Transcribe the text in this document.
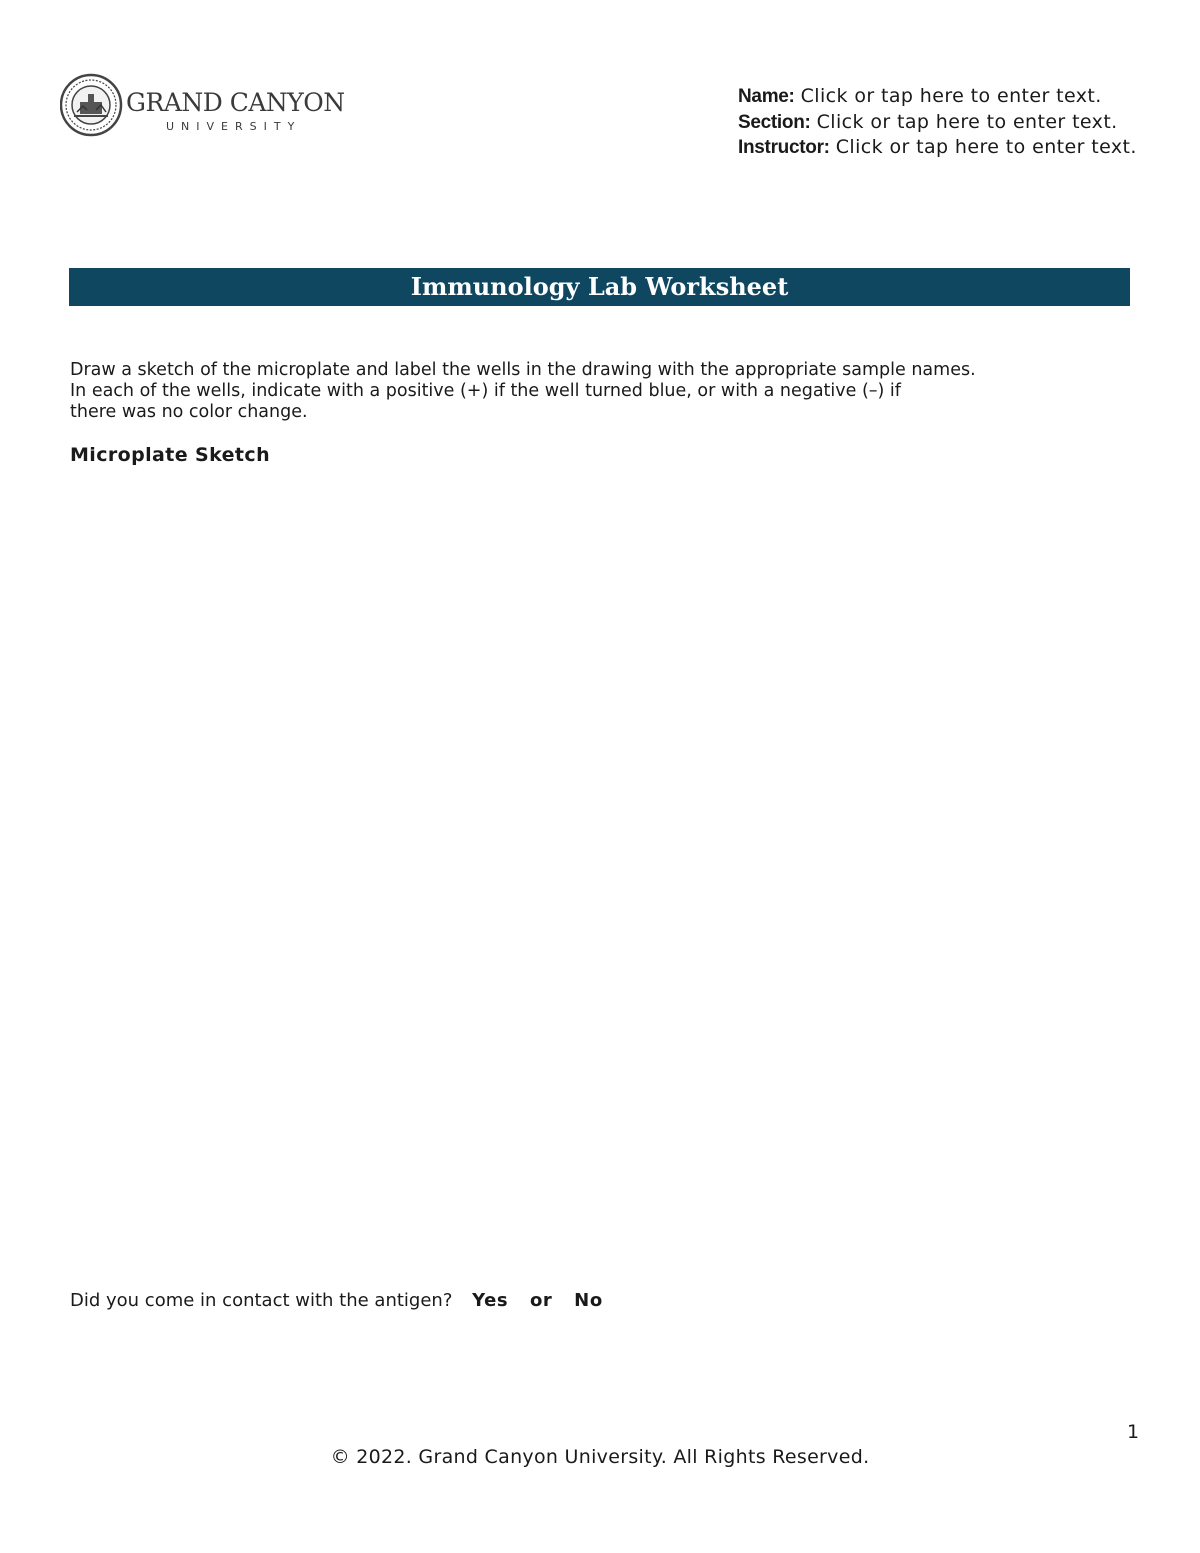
GRAND CANYON
UNIVERSITY

Name: Click or tap here to enter text.

Section: Click or tap here to enter text.

Instructor: Click or tap here to enter text.

Immunology Lab Worksheet

Draw a sketch of the microplate and label the wells in the drawing with the appropriate sample names.
In each of the wells, indicate with a positive (+) if the well turned blue, or with a negative (–) if
there was no color change.

Microplate Sketch
Did you come in contact with the antigen? Yes or No
1
© 2022. Grand Canyon University. All Rights Reserved.
